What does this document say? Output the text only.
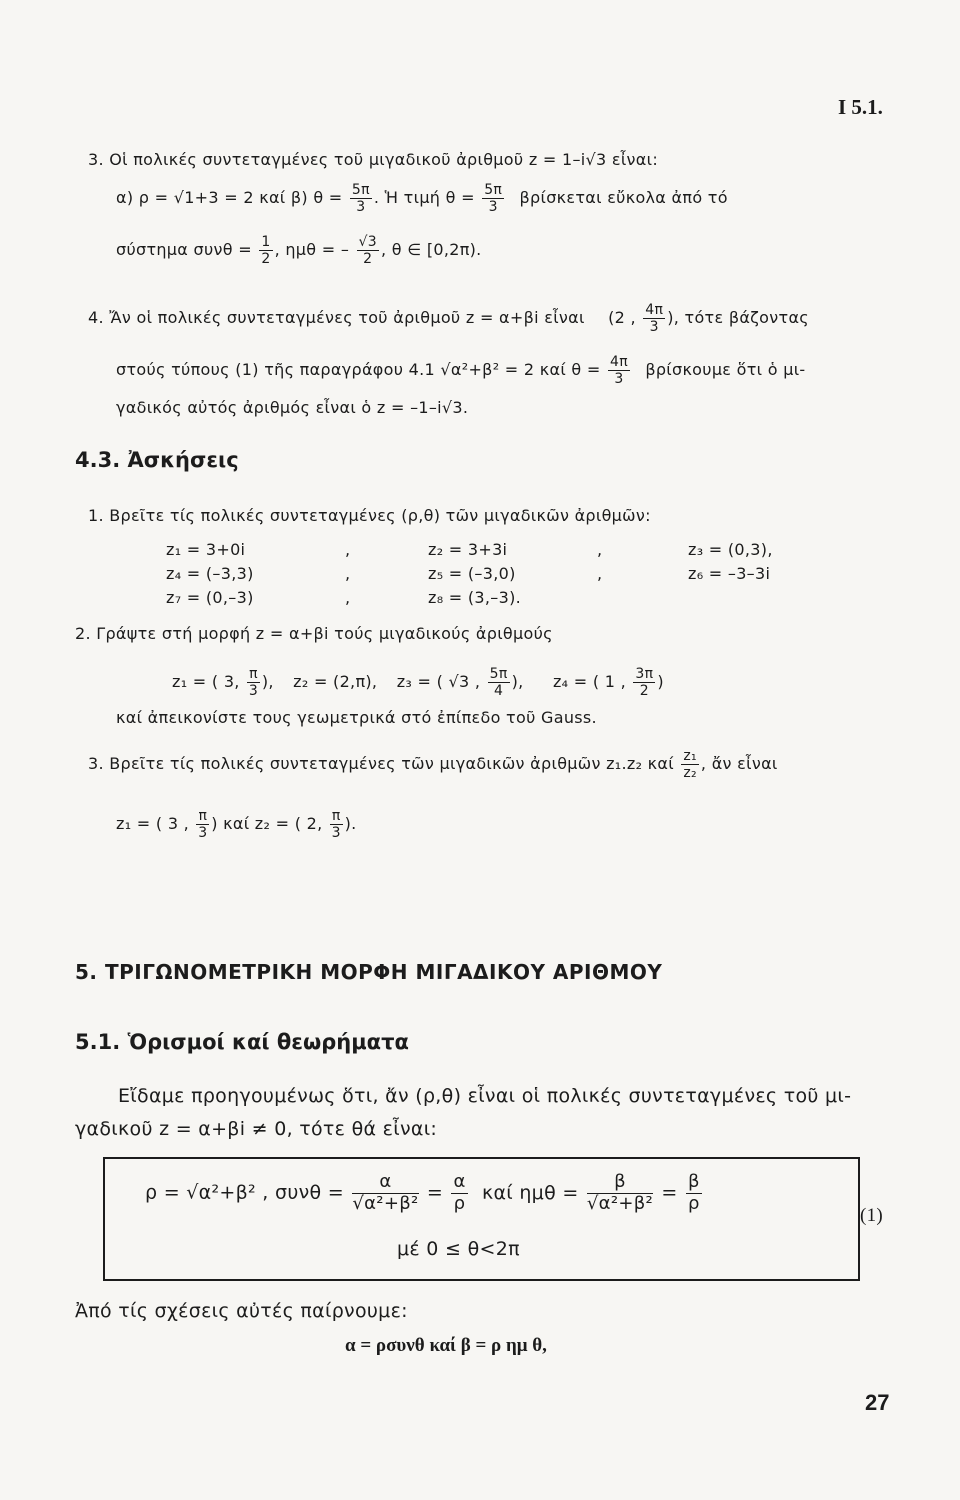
I 5.1.
3. Οἱ πολικές συντεταγμένες τοῦ μιγαδικοῦ ἀριθμοῦ z = 1–i√3 εἶναι:
α) ρ = √1+3 = 2 καί β) $\theta = \frac{5\pi}{3}$ . Ἡ τιμή $\theta = \frac{5\pi}{3}$ βρίσκεται εὔκολα ἀπό τό
σύστημα $\sigma\upsilon\nu\theta = \frac{1}{2}$ , ημθ = – $\frac{√3}{2}$ , θ ∈ [0,2π).
4. Ἄν οἱ πολικές συντεταγμένες τοῦ ἀριθμοῦ z = α+βi εἶναι (2 , $\frac{4\pi}{3}$ ), τότε βάζοντας
στούς τύπους (1) τῆς παραγράφου 4.1 √α²+β² = 2 καί $\theta = \frac{4\pi}{3}$ βρίσκουμε ὅτι ὁ μι-
γαδικός αὐτός ἀριθμός εἶναι ὁ z = –1–i√3.
4.3. Ἀσκήσεις
1. Βρεῖτε τίς πολικές συντεταγμένες (ρ,θ) τῶν μιγαδικῶν ἀριθμῶν:
z₁ = 3+0i	,	z₂ = 3+3i	,	z₃ = (0,3),
z₄ = (–3,3)	,	z₅ = (–3,0)	,	z₆ = –3–3i
z₇ = (0,–3)	,	z₈ = (3,–3).
2. Γράψτε στή μορφή z = α+βi τούς μιγαδικούς ἀριθμούς
z₁ = ( 3, $\frac{\pi}{3}$ ), z₂ = (2,π), z₃ = ( √3 , $\frac{5\pi}{4}$ ), z₄ = ( 1 , $\frac{3\pi}{2}$ )
καί ἀπεικονίστε τους γεωμετρικά στό ἐπίπεδο τοῦ Gauss.
3. Βρεῖτε τίς πολικές συντεταγμένες τῶν μιγαδικῶν ἀριθμῶν z₁.z₂ καί $\frac{\text{z₁}}{\text{z₂}}$ , ἄν εἶναι
z₁ = ( 3 , $\frac{\pi}{3}$ ) καί z₂ = ( 2, $\frac{\pi}{3}$ ).
5. ΤΡΙΓΩΝΟΜΕΤΡΙΚΗ ΜΟΡΦΗ ΜΙΓΑΔΙΚΟΥ ΑΡΙΘΜΟΥ
5.1. Ὁρισμοί καί θεωρήματα
Εἴδαμε προηγουμένως ὅτι, ἄν (ρ,θ) εἶναι οἱ πολικές συντεταγμένες τοῦ μι-
γαδικοῦ z = α+βi ≠ 0, τότε θά εἶναι:
ρ = √α²+β² , $\sigma\upsilon\nu\theta = \frac{\alpha}{\text{√α²+β²}} = \frac{\alpha}{\rho}$ καί $\eta\mu\theta = \frac{\beta}{\text{√α²+β²}} = \frac{\beta}{\rho}$
μέ 0 ≤ θ<2π
(1)
Ἀπό τίς σχέσεις αὐτές παίρνουμε:
α = ρσυνθ καί β = ρ ημ θ,
27
